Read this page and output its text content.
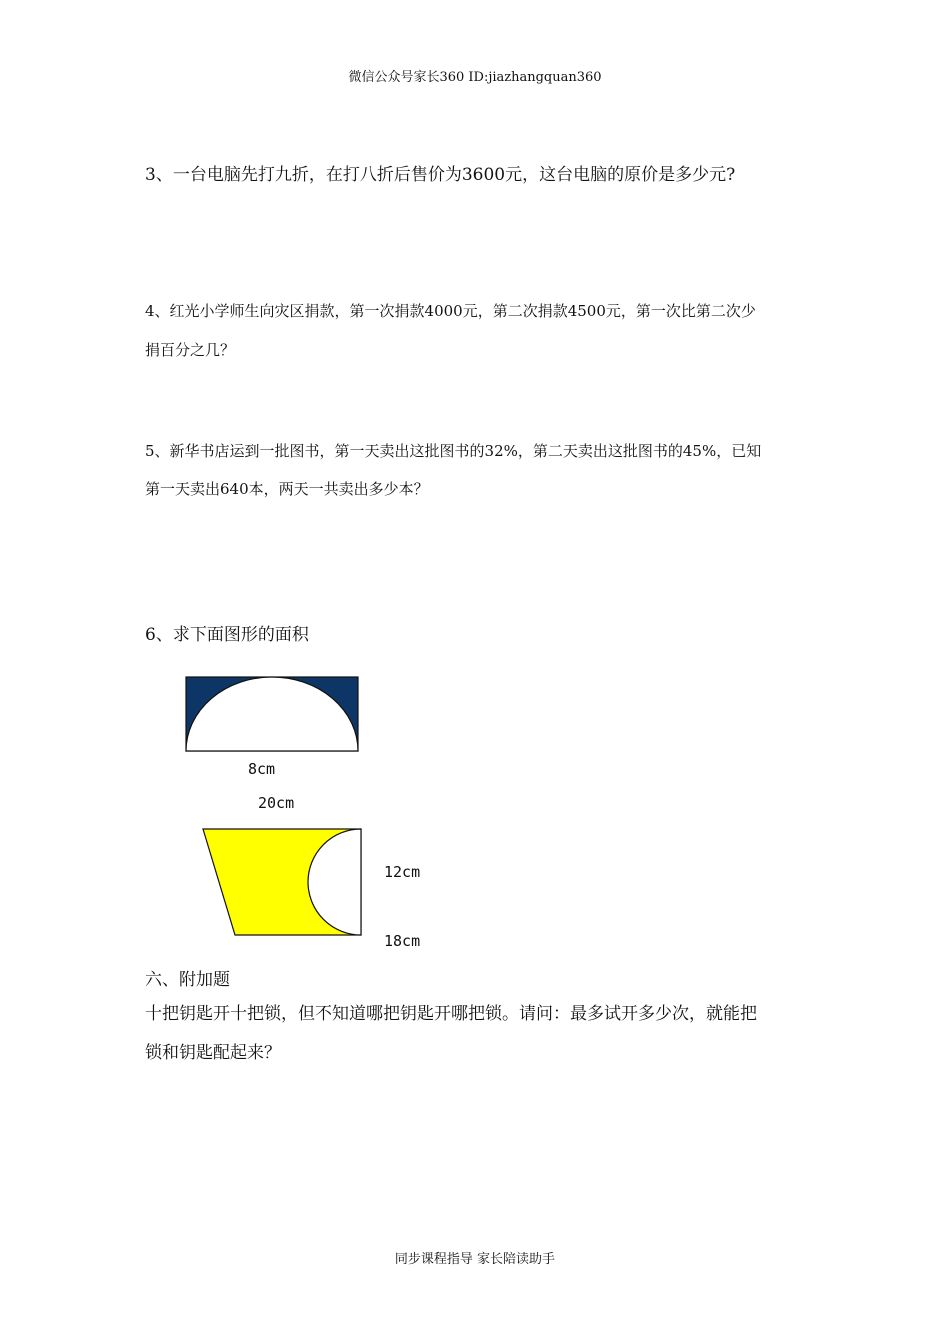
微信公众号家长360 ID:jiazhangquan360
3、一台电脑先打九折，在打八折后售价为3600元，这台电脑的原价是多少元?
4、红光小学师生向灾区捐款，第一次捐款4000元，第二次捐款4500元，第一次比第二次少
捐百分之几？
5、新华书店运到一批图书，第一天卖出这批图书的32%，第二天卖出这批图书的45%，已知
第一天卖出640本，两天一共卖出多少本？
6、求下面图形的面积
8cm
20cm
12cm
18cm
六、附加题
十把钥匙开十把锁，但不知道哪把钥匙开哪把锁。请问：最多试开多少次，就能把
锁和钥匙配起来？
同步课程指导 家长陪读助手
